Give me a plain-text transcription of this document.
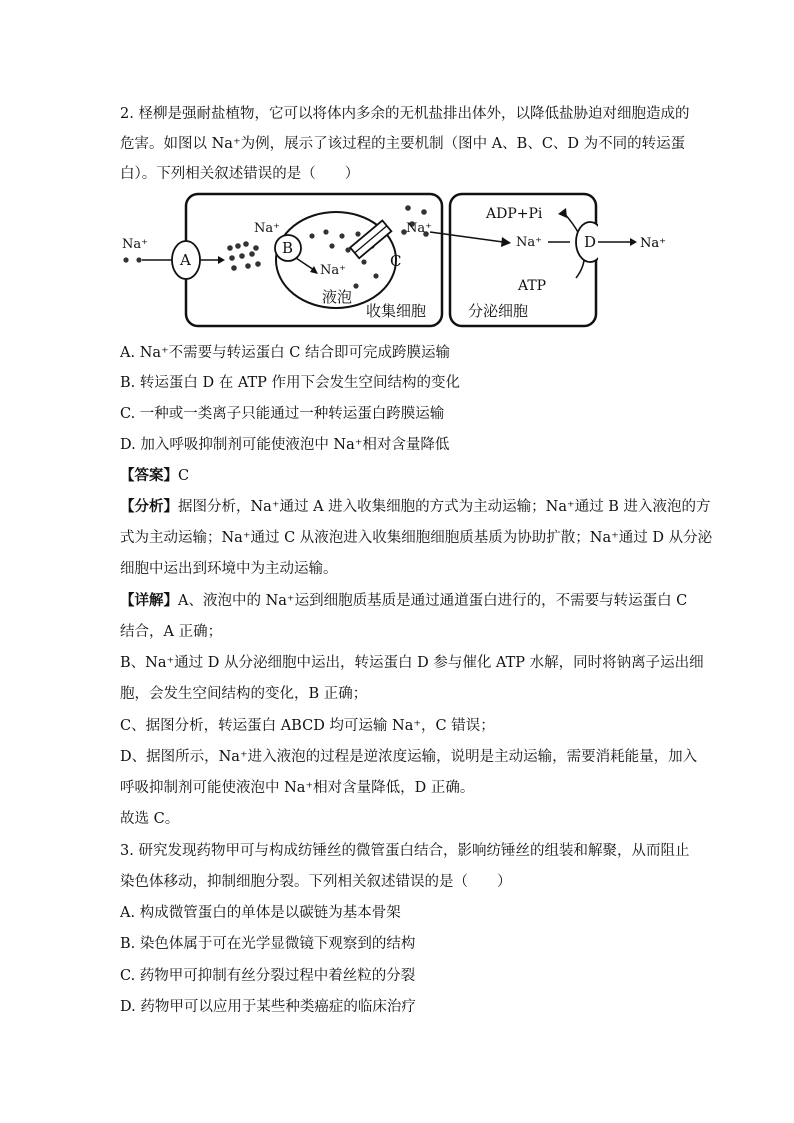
2. 柽柳是强耐盐植物，它可以将体内多余的无机盐排出体外，以降低盐胁迫对细胞造成的
危害。如图以 Na⁺为例，展示了该过程的主要机制（图中 A、B、C、D 为不同的转运蛋
白）。下列相关叙述错误的是（　　）
Na⁺
A
Na⁺
B
Na⁺
液泡
C
Na⁺
ADP+Pi
Na⁺
ATP
D
收集细胞	分泌细胞
Na⁺
A. Na⁺不需要与转运蛋白 C 结合即可完成跨膜运输
B. 转运蛋白 D 在 ATP 作用下会发生空间结构的变化
C. 一种或一类离子只能通过一种转运蛋白跨膜运输
D. 加入呼吸抑制剂可能使液泡中 Na⁺相对含量降低
【答案】C
【分析】据图分析，Na⁺通过 A 进入收集细胞的方式为主动运输；Na⁺通过 B 进入液泡的方
式为主动运输；Na⁺通过 C 从液泡进入收集细胞细胞质基质为协助扩散；Na⁺通过 D 从分泌
细胞中运出到环境中为主动运输。
【详解】A、液泡中的 Na⁺运到细胞质基质是通过通道蛋白进行的，不需要与转运蛋白 C
结合，A 正确；
B、Na⁺通过 D 从分泌细胞中运出，转运蛋白 D 参与催化 ATP 水解，同时将钠离子运出细
胞，会发生空间结构的变化，B 正确；
C、据图分析，转运蛋白 ABCD 均可运输 Na⁺，C 错误；
D、据图所示，Na⁺进入液泡的过程是逆浓度运输，说明是主动运输，需要消耗能量，加入
呼吸抑制剂可能使液泡中 Na⁺相对含量降低，D 正确。
故选 C。
3. 研究发现药物甲可与构成纺锤丝的微管蛋白结合，影响纺锤丝的组装和解聚，从而阻止
染色体移动，抑制细胞分裂。下列相关叙述错误的是（　　）
A. 构成微管蛋白的单体是以碳链为基本骨架
B. 染色体属于可在光学显微镜下观察到的结构
C. 药物甲可抑制有丝分裂过程中着丝粒的分裂
D. 药物甲可以应用于某些种类癌症的临床治疗
